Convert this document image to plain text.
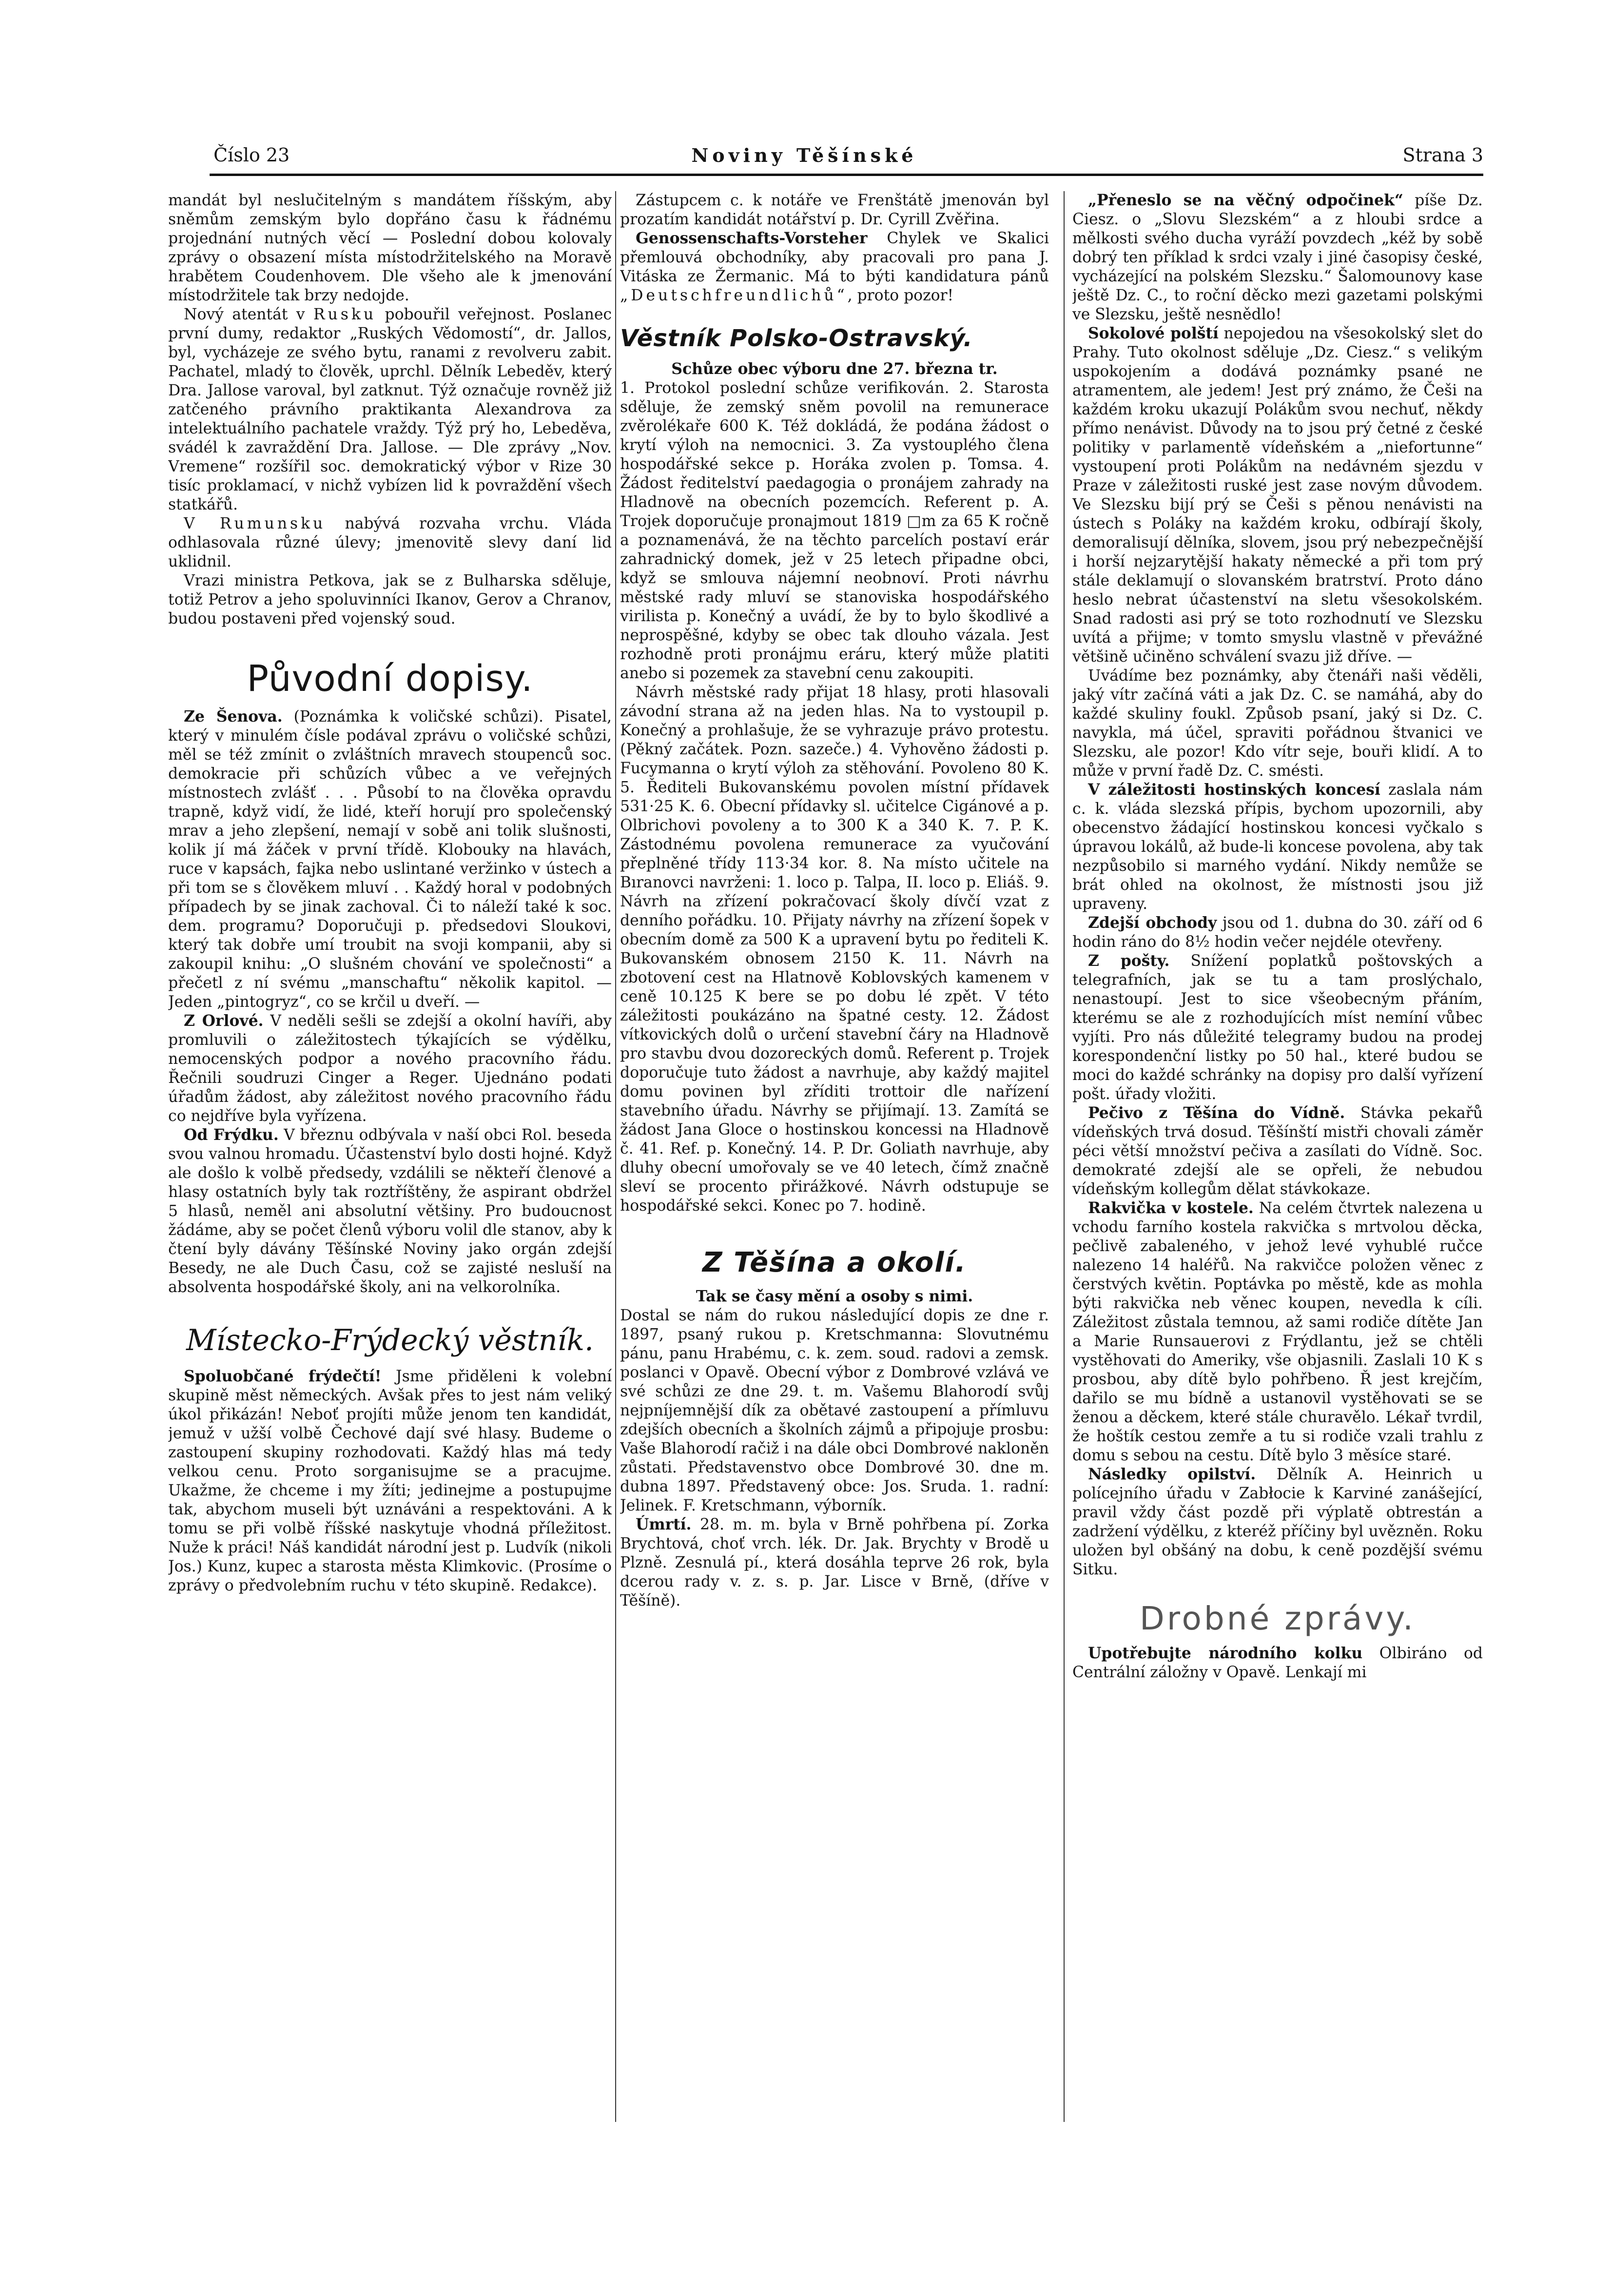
Číslo 23	Noviny Těšínské	Strana 3

mandát byl neslučitelným s mandátem říšským, aby sněmům zemským bylo dopřáno času k řádnému projednání nutných věcí — Poslední dobou kolovaly zprávy o obsazení místa místodržitelského na Moravě hrabětem Coudenhovem. Dle všeho ale k jmenování místodržitele tak brzy nedojde.

Nový atentát v Rusku pobouřil veřejnost. Poslanec první dumy, redaktor „Ruských Vědomostí“, dr. Jallos, byl, vycházeje ze svého bytu, ranami z revolveru zabit. Pachatel, mladý to člověk, uprchl. Dělník Lebeděv, který Dra. Jallose varoval, byl zatknut. Týž označuje rovněž již zatčeného právního praktikanta Alexandrova za intelektuálního pachatele vraždy. Týž prý ho, Lebeděva, svádél k zavraždění Dra. Jallose. — Dle zprávy „Nov. Vremene“ rozšířil soc. demokratický výbor v Rize 30 tisíc proklamací, v nichž vybízen lid k povraždění všech statkářů.

V Rumunsku nabývá rozvaha vrchu. Vláda odhlasovala různé úlevy; jmenovitě slevy daní lid uklidnil.

Vrazi ministra Petkova, jak se z Bulharska sděluje, totiž Petrov a jeho spoluvinníci Ikanov, Gerov a Chranov, budou postaveni před vojenský soud.

Původní dopisy.

Ze Šenova. (Poznámka k voličské schůzi). Pisatel, který v minulém čísle podával zprávu o voličské schůzi, měl se též zmínit o zvláštních mravech stoupenců soc. demokracie při schůzích vůbec a ve veřejných místnostech zvlášť . . . Působí to na člověka opravdu trapně, když vidí, že lidé, kteří horují pro společenský mrav a jeho zlepšení, nemají v sobě ani tolik slušnosti, kolik jí má žáček v první třídě. Klobouky na hlavách, ruce v kapsách, fajka nebo uslintané veržinko v ústech a při tom se s člověkem mluví . . Každý horal v podobných případech by se jinak zachoval. Či to náleží také k soc. dem. programu? Doporučuji p. předsedovi Sloukovi, který tak dobře umí troubit na svoji kompanii, aby si zakoupil knihu: „O slušném chování ve společnosti“ a přečetl z ní svému „manschaftu“ několik kapitol. — Jeden „pintogryz“, co se krčil u dveří. —

Z Orlové. V neděli sešli se zdejší a okolní havíři, aby promluvili o záležitostech týkajících se výdělku, nemocenských podpor a nového pracovního řádu. Řečnili soudruzi Cinger a Reger. Ujednáno podati úřadům žádost, aby záležitost nového pracovního řádu co nejdříve byla vyřízena.

Od Frýdku. V březnu odbývala v naší obci Rol. beseda svou valnou hromadu. Účastenství bylo dosti hojné. Když ale došlo k volbě předsedy, vzdálili se někteří členové a hlasy ostatních byly tak roztříštěny, že aspirant obdržel 5 hlasů, neměl ani absolutní většiny. Pro budoucnost žádáme, aby se počet členů výboru volil dle stanov, aby k čtení byly dávány Těšínské Noviny jako orgán zdejší Besedy, ne ale Duch Času, což se zajisté nesluší na absolventa hospodářské školy, ani na velkorolníka.

Místecko-Frýdecký věstník.

Spoluobčané frýdečtí! Jsme přiděleni k volební skupině měst německých. Avšak přes to jest nám veliký úkol přikázán! Neboť projíti může jenom ten kandidát, jemuž v užší volbě Čechové dají své hlasy. Budeme o zastoupení skupiny rozhodovati. Každý hlas má tedy velkou cenu. Proto sorganisujme se a pracujme. Ukažme, že chceme i my žíti; jedinejme a postupujme tak, abychom museli být uznáváni a respektováni. A k tomu se při volbě říšské naskytuje vhodná příležitost. Nuže k práci! Náš kandidát národní jest p. Ludvík (nikoli Jos.) Kunz, kupec a starosta města Klimkovic. (Prosíme o zprávy o předvolebním ruchu v této skupině. Redakce).

Zástupcem c. k notáře ve Frenštátě jmenován byl prozatím kandidát notářství p. Dr. Cyrill Zvěřina.

Genossenschafts-Vorsteher Chylek ve Skalici přemlouvá obchodníky, aby pracovali pro pana J. Vitáska ze Žermanic. Má to býti kandidatura pánů „Deutschfreundlichů“, proto pozor!

Věstník Polsko-Ostravský.

Schůze obec výboru dne 27. března tr.

1. Protokol poslední schůze verifikován. 2. Starosta sděluje, že zemský sněm povolil na remuneracе zvěrolékaře 600 K. Též dokládá, že podána žádost o krytí výloh na nemocnici. 3. Za vystouplého člena hospodářské sekce p. Horáka zvolen p. Tomsa. 4. Žádost ředitelství paedagogia o pronájem zahrady na Hladnově na obecních pozemcích. Referent p. A. Trojek doporučuje pronajmout 1819 □m za 65 K ročně a poznamenává, že na těchto parcelích postaví erár zahradnický domek, jež v 25 letech připadne obci, když se smlouva nájemní neobnoví. Proti návrhu městské rady mluví se stanoviska hospodářského virilista p. Konečný a uvádí, že by to bylo škodlivé a neprospěšné, kdyby se obec tak dlouho vázala. Jest rozhodně proti pronájmu eráru, který může platiti anebo si pozemek za stavební cenu zakoupiti.

Návrh městské rady přijat 18 hlasy, proti hlasovali závodní strana až na jeden hlas. Na to vystoupil p. Konečný a prohlašuje, že se vyhrazuje právo protestu. (Pěkný začátek. Pozn. sazeče.) 4. Vyhověno žádosti p. Fucymanna o krytí výloh za stěhování. Povoleno 80 K. 5. Řediteli Bukovanskému povolen místní přídavek 531·25 K. 6. Obecní přídavky sl. učitelce Cigánové a p. Olbrichovi povoleny a to 300 K a 340 K. 7. P. K. Zástodnému povolena remunerace za vyučování přeplněné třídy 113·34 kor. 8. Na místo učitele na Bıranovci navrženi: 1. loco p. Talpa, II. loco p. Eliáš. 9. Návrh na zřízení pokračovací školy dívčí vzat z denního pořádku. 10. Přijaty návrhy na zřízení šopek v obecním domě za 500 K a upravení bytu po řediteli K. Bukovanském obnosem 2150 K. 11. Návrh na zbotovení cest na Hlatnově Koblovských kamenem v ceně 10.125 K bere se po dobu lé zpět. V této záležitosti poukázáno na špatné cesty. 12. Žádost vítkovických dolů o určení stavební čáry na Hladnově pro stavbu dvou dozoreckých domů. Referent p. Trojek doporučuje tuto žádost a navrhuje, aby každý majitel domu povinen byl zříditi trottoir dle nařízení stavebního úřadu. Návrhy se přijímají. 13. Zamítá se žádost Jana Gloce o hostinskou koncessi na Hladnově č. 41. Ref. p. Konečný. 14. P. Dr. Goliath navrhuje, aby dluhy obecní umořovaly se ve 40 letech, čímž značně sleví se procento přirážkové. Návrh odstupuje se hospodářské sekci. Konec po 7. hodině.

Z Těšína a okolí.

Tak se časy mění a osoby s nimi.

Dostal se nám do rukou následující dopis ze dne r. 1897, psaný rukou p. Kretschmanna: Slovutnému pánu, panu Hrabému, c. k. zem. soud. radovi a zemsk. poslanci v Opavě. Obecní výbor z Dombrové vzlává ve své schůzi ze dne 29. t. m. Vašemu Blahorodí svůj nejpníjemnější dík za obětavé zastoupení a přímluvu zdejších obecních a školních zájmů a připojuje prosbu: Vaše Blahorodí račiž i na dále obci Dombrové nakloněn zůstati. Představenstvo obce Dombrové 30. dne m. dubna 1897. Představený obce: Jos. Sruda. 1. radní: Jelinek. F. Kretschmann, výborník.

Úmrtí. 28. m. m. byla v Brně pohřbena pí. Zorka Brychtová, choť vrch. lék. Dr. Jak. Brychty v Brodě u Plzně. Zesnulá pí., která dosáhla teprve 26 rok, byla dcerou rady v. z. s. p. Jar. Lisce v Brně, (dříve v Těšíně).

„Přeneslo se na věčný odpočinek“ píše Dz. Ciesz. o „Slovu Slezském“ a z hloubi srdce a mělkosti svého ducha vyráží povzdech „kéž by sobě dobrý ten příklad k srdci vzaly i jiné časopisy české, vycházející na polském Slezsku.“ Šalomounovy kase ještě Dz. C., to roční děcko mezi gazetami polskými ve Slezsku, ještě nesnědlo!

Sokolové polští nepojedou na všesokolský slet do Prahy. Tuto okolnost sděluje „Dz. Ciesz.“ s velikým uspokojením a dodává poznámky psané ne atramentem, ale jedem! Jest prý známo, že Češi na každém kroku ukazují Polákům svou nechuť, někdy přímo nenávist. Důvody na to jsou prý četné z české politiky v parlamentě vídeňském a „niefortunne“ vystoupení proti Polákům na nedávném sjezdu v Praze v záležitosti ruské jest zase novým důvodem. Ve Slezsku bijí prý se Češi s pěnou nenávisti na ústech s Poláky na každém kroku, odbírají školy, demoralisují dělníka, slovem, jsou prý nebezpečnější i horší nejzarytější hakaty německé a při tom prý stále deklamují o slovanském bratrství. Proto dáno heslo nebrat účastenství na sletu všesokolském. Snad radosti asi prý se toto rozhodnutí ve Slezsku uvítá a přijme; v tomto smyslu vlastně v převážné většině učiněno schválení svazu již dříve. —

Uvádíme bez poznámky, aby čtenáři naši věděli, jaký vítr začíná váti a jak Dz. C. se namáhá, aby do každé skuliny foukl. Způsob psaní, jaký si Dz. C. navykla, má účel, spraviti pořádnou štvanici ve Slezsku, ale pozor! Kdo vítr seje, bouři klidí. A to může v první řadě Dz. C. smésti.

V záležitosti hostinských koncesí zaslala nám c. k. vláda slezská přípis, bychom upozornili, aby obecenstvo žádající hostinskou koncesi vyčkalo s úpravou lokálů, až bude-li koncese povolena, aby tak nezpůsobilo si marného vydání. Nikdy nemůže se brát ohled na okolnost, že místnosti jsou již upraveny.

Zdejší obchody jsou od 1. dubna do 30. září od 6 hodin ráno do 8½ hodin večer nejdéle otevřeny.

Z pošty. Snížení poplatků poštovských a telegrafních, jak se tu a tam proslýchalo, nenastoupí. Jest to sice všeobecným přáním, kterému se ale z rozhodujících míst nemíní vůbec vyjíti. Pro nás důležité telegramy budou na prodej korespondenční listky po 50 hal., které budou se moci do každé schránky na dopisy pro další vyřízení pošt. úřady vložiti.

Pečivo z Těšína do Vídně. Stávka pekařů vídeňských trvá dosud. Těšínští mistři chovali záměr péci větší množství pečiva a zasílati do Vídně. Soc. demokraté zdejší ale se opřeli, že nebudou vídeňským kollegům dělat stávkokaze.

Rakvička v kostele. Na celém čtvrtek nalezena u vchodu farního kostela rakvička s mrtvolou děcka, pečlivě zabaleného, v jehož levé vyhublé ručce nalezeno 14 haléřů. Na rakvičce položen věnec z čerstvých květin. Poptávka po městě, kde as mohla býti rakvička neb věnec koupen, nevedla k cíli. Záležitost zůstala temnou, až sami rodiče dítěte Jan a Marie Runsauerovi z Frýdlantu, jež se chtěli vystěhovati do Ameriky, vše objasnili. Zaslali 10 K s prosbou, aby dítě bylo pohřbeno. Ř jest krejčím, dařilo se mu bídně a ustanovil vystěhovati se se ženou a děckem, které stále churavělo. Lékař tvrdil, že hoštík cestou zemře a tu si rodiče vzali trahlu z domu s sebou na cestu. Dítě bylo 3 měsíce staré.

Následky opilství. Dělník A. Heinrich u polícejního úřadu v Zabłocie k Karviné zanášející, pravil vždy část pozdě při výplatě obtrestán a zadržení výdělku, z kteréž příčiny byl uvězněn. Roku uložen byl obšáný na dobu, k ceně pozdější svému Sitku.

Drobné zprávy.

Upotřebujte národního kolku Olbiráno od Centrální záložny v Opavě. Lenkají mi
